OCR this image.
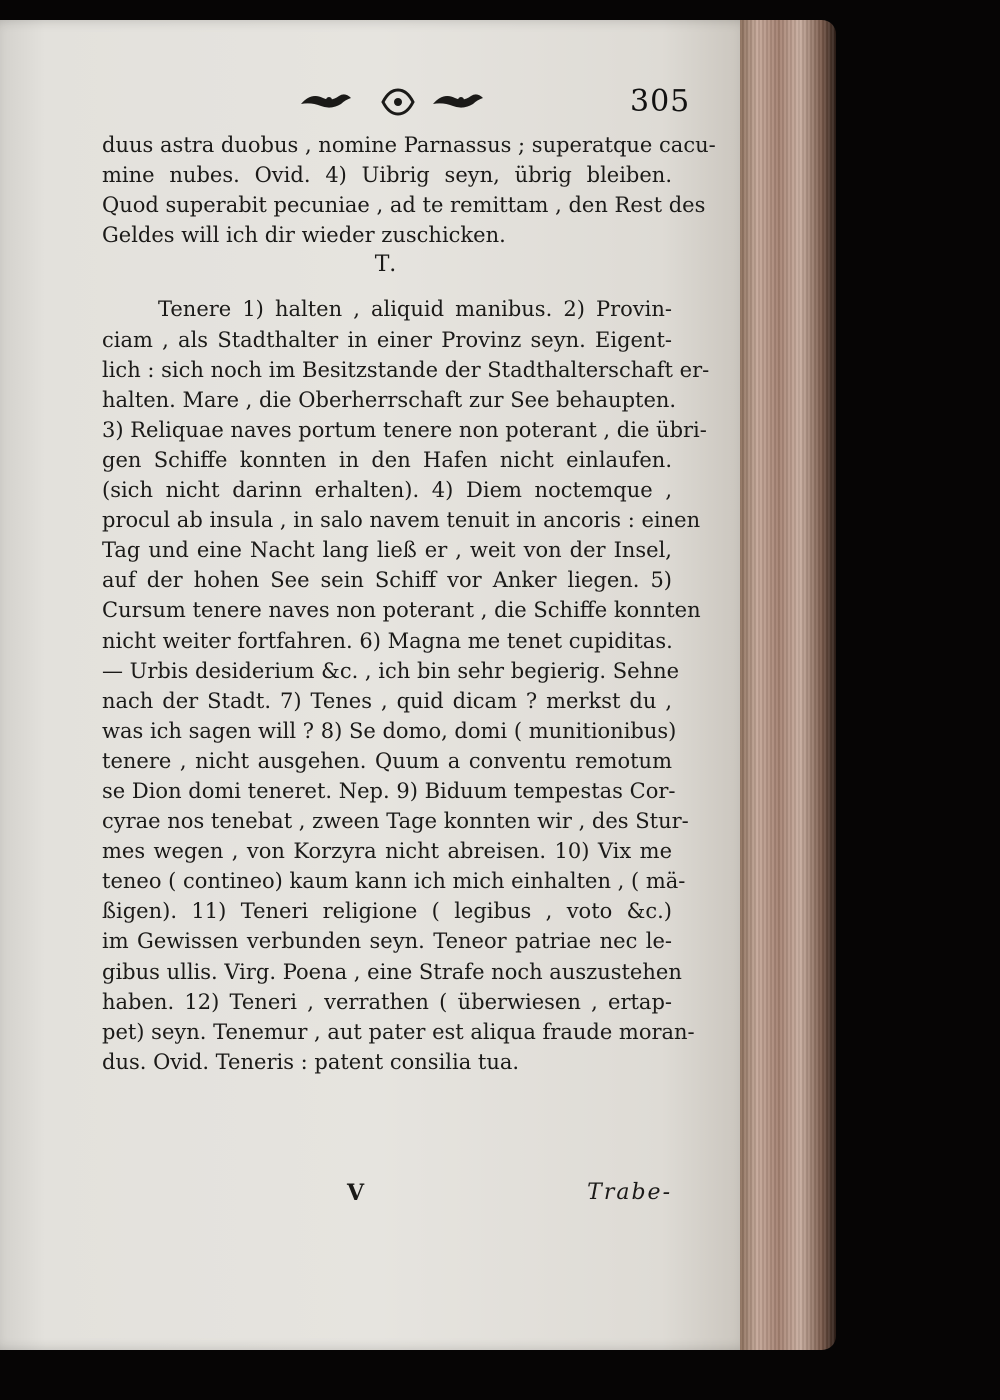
305
duus astra duobus , nomine Parnassus ; superatque cacu-
mine nubes. Ovid. 4) Uibrig seyn, übrig bleiben.
Quod superabit pecuniae , ad te remittam , den Rest des
Geldes will ich dir wieder zuschicken.
T.
Tenere 1) halten , aliquid manibus. 2) Provin-
ciam , als Stadthalter in einer Provinz seyn. Eigent-
lich : sich noch im Besitzstande der Stadthalterschaft er-
halten. Mare , die Oberherrschaft zur See behaupten.
3) Reliquae naves portum tenere non poterant , die übri-
gen Schiffe konnten in den Hafen nicht einlaufen.
(sich nicht darinn erhalten). 4) Diem noctemque ,
procul ab insula , in salo navem tenuit in ancoris : einen
Tag und eine Nacht lang ließ er , weit von der Insel,
auf der hohen See sein Schiff vor Anker liegen. 5)
Cursum tenere naves non poterant , die Schiffe konnten
nicht weiter fortfahren. 6) Magna me tenet cupiditas.
— Urbis desiderium &c. , ich bin sehr begierig. Sehne
nach der Stadt. 7) Tenes , quid dicam ? merkst du ,
was ich sagen will ? 8) Se domo, domi ( munitionibus)
tenere , nicht ausgehen. Quum a conventu remotum
se Dion domi teneret. Nep. 9) Biduum tempestas Cor-
cyrae nos tenebat , zween Tage konnten wir , des Stur-
mes wegen , von Korzyra nicht abreisen. 10) Vix me
teneo ( contineo) kaum kann ich mich einhalten , ( mä-
ßigen). 11) Teneri religione ( legibus , voto &c.)
im Gewissen verbunden seyn. Teneor patriae nec le-
gibus ullis. Virg. Poena , eine Strafe noch auszustehen
haben. 12) Teneri , verrathen ( überwiesen , ertap-
pet) seyn. Tenemur , aut pater est aliqua fraude moran-
dus. Ovid. Teneris : patent consilia tua.
V	Trabe-
